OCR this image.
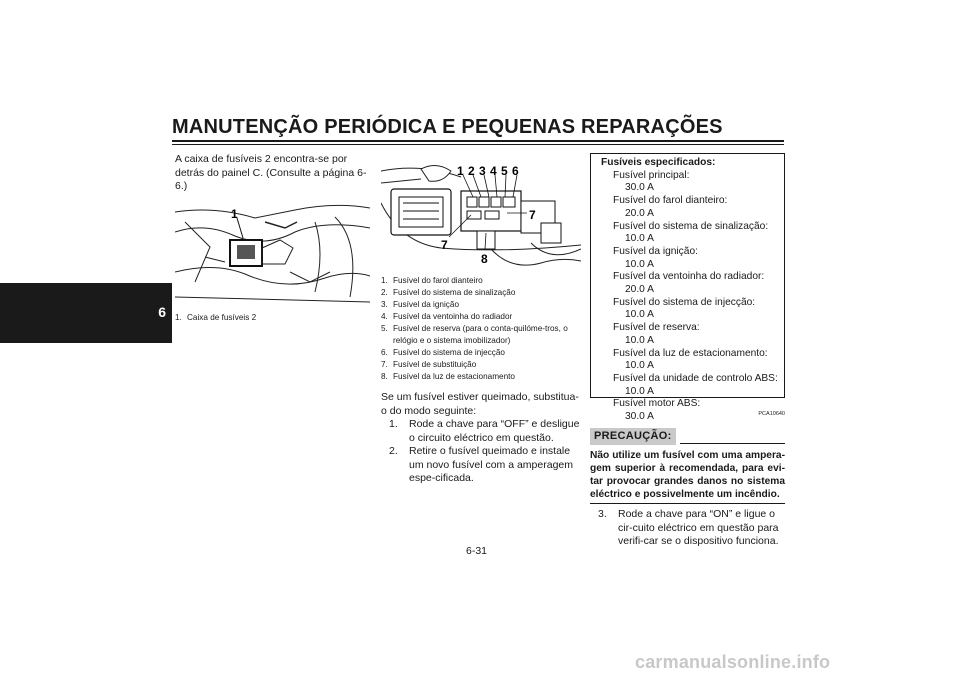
MANUTENÇÃO PERIÓDICA E PEQUENAS REPARAÇÕES
6
A caixa de fusíveis 2 encontra-se por detrás do painel C. (Consulte a página 6-6.)
1
1. Caixa de fusíveis 2
1 2 3 4 5 6
7
7
8
1. Fusível do farol dianteiro
2. Fusível do sistema de sinalização
3. Fusível da ignição
4. Fusível da ventoinha do radiador
5. Fusível de reserva (para o conta-quilóme-tros, o relógio e o sistema imobilizador)
6. Fusível do sistema de injecção
7. Fusível de substituição
8. Fusível da luz de estacionamento
Se um fusível estiver queimado, substitua-o do modo seguinte:
1.	Rode a chave para “OFF” e desligue o circuito eléctrico em questão.
2.	Retire o fusível queimado e instale um novo fusível com a amperagem espe-cificada.
Fusíveis especificados:
Fusível principal:
30.0 A
Fusível do farol dianteiro:
20.0 A
Fusível do sistema de sinalização:
10.0 A
Fusível da ignição:
10.0 A
Fusível da ventoinha do radiador:
20.0 A
Fusível do sistema de injecção:
10.0 A
Fusível de reserva:
10.0 A
Fusível da luz de estacionamento:
10.0 A
Fusível da unidade de controlo ABS:
10.0 A
Fusível motor ABS:
30.0 A	PCA10640
PRECAUÇÃO:
Não utilize um fusível com uma ampera-gem superior à recomendada, para evi-tar provocar grandes danos no sistema eléctrico e possivelmente um incêndio.
3.	Rode a chave para “ON” e ligue o cir-cuito eléctrico em questão para verifi-car se o dispositivo funciona.
6-31
carmanualsonline.info
